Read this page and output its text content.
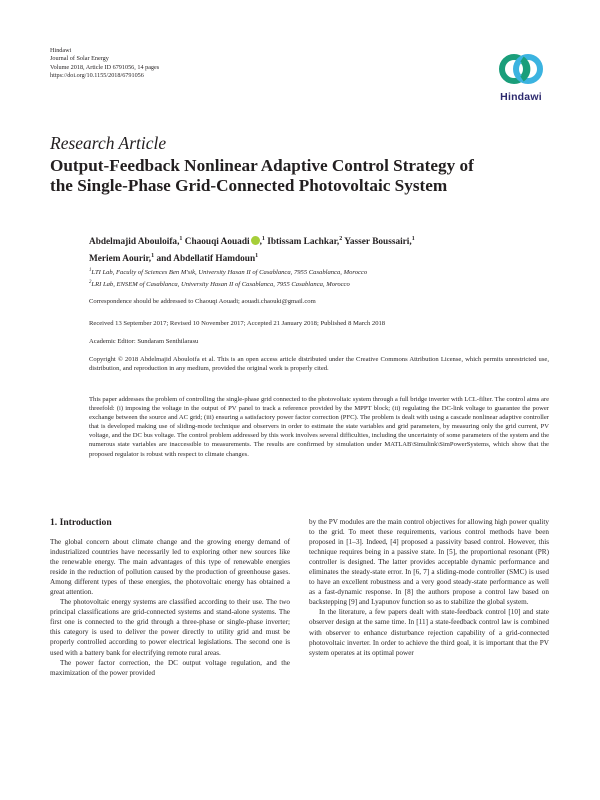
Hindawi
Journal of Solar Energy
Volume 2018, Article ID 6791056, 14 pages
https://doi.org/10.1155/2018/6791056
Hindawi
Research Article
Output-Feedback Nonlinear Adaptive Control Strategy of
the Single-Phase Grid-Connected Photovoltaic System
Abdelmajid Abouloifa,$^1$ Chaouqi Aouadi ,$^1$ Ibtissam Lachkar,$^2$ Yasser Boussairi,$^1$
Meriem Aourir,$^1$ and Abdellatif Hamdoun$^1$
$^1$LTI Lab, Faculty of Sciences Ben M'sik, University Hasan II of Casablanca, 7955 Casablanca, Morocco
$^2$LRI Lab, ENSEM of Casablanca, University Hasan II of Casablanca, 7955 Casablanca, Morocco
Correspondence should be addressed to Chaouqi Aouadi; aouadi.chaouki@gmail.com
Received 13 September 2017; Revised 10 November 2017; Accepted 21 January 2018; Published 8 March 2018
Academic Editor: Sundaram Senthilarasu
Copyright © 2018 Abdelmajid Abouloifa et al. This is an open access article distributed under the Creative Commons Attribution License, which permits unrestricted use, distribution, and reproduction in any medium, provided the original work is properly cited.
This paper addresses the problem of controlling the single-phase grid connected to the photovoltaic system through a full bridge inverter with LCL-filter. The control aims are threefold: (i) imposing the voltage in the output of PV panel to track a reference provided by the MPPT block; (ii) regulating the DC-link voltage to guarantee the power exchange between the source and AC grid; (iii) ensuring a satisfactory power factor correction (PFC). The problem is dealt with using a cascade nonlinear adaptive controller that is developed making use of sliding-mode technique and observers in order to estimate the state variables and grid parameters, by measuring only the grid current, PV voltage, and the DC bus voltage. The control problem addressed by this work involves several difficulties, including the uncertainty of some parameters of the system and the numerous state variables are inaccessible to measurements. The results are confirmed by simulation under MATLAB\Simulink\SimPowerSystems, which show that the proposed regulator is robust with respect to climate changes.
1. Introduction

The global concern about climate change and the growing energy demand of industrialized countries have necessarily led to exploring other new sources like the renewable energy. The main advantages of this type of renewable energies reside in the reduction of pollution caused by the production of greenhouse gases. Among different types of these energies, the photovoltaic energy has obtained a great attention.

The photovoltaic energy systems are classified according to their use. The two principal classifications are grid-connected systems and stand-alone systems. The first one is connected to the grid through a three-phase or single-phase inverter; this category is used to deliver the power directly to utility grid and must be properly controlled according to power electrical legislations. The second one is used with a battery bank for electrifying remote rural areas.

The power factor correction, the DC output voltage regulation, and the maximization of the power provided

by the PV modules are the main control objectives for allowing high power quality to the grid. To meet these requirements, various control methods have been proposed in [1–3]. Indeed, [4] proposed a passivity based control. However, this technique requires being in a passive state. In [5], the proportional resonant (PR) controller is designed. The latter provides acceptable dynamic performance and eliminates the steady-state error. In [6, 7] a sliding-mode controller (SMC) is used to have an excellent robustness and a very good steady-state performance as well as a fast-dynamic response. In [8] the authors propose a control law based on backstepping [9] and Lyapunov function so as to stabilize the global system.

In the literature, a few papers dealt with state-feedback control [10] and state observer design at the same time. In [11] a state-feedback control law is combined with observer to enhance disturbance rejection capability of a grid-connected photovoltaic inverter. In order to achieve the third goal, it is important that the PV system operates at its optimal power
